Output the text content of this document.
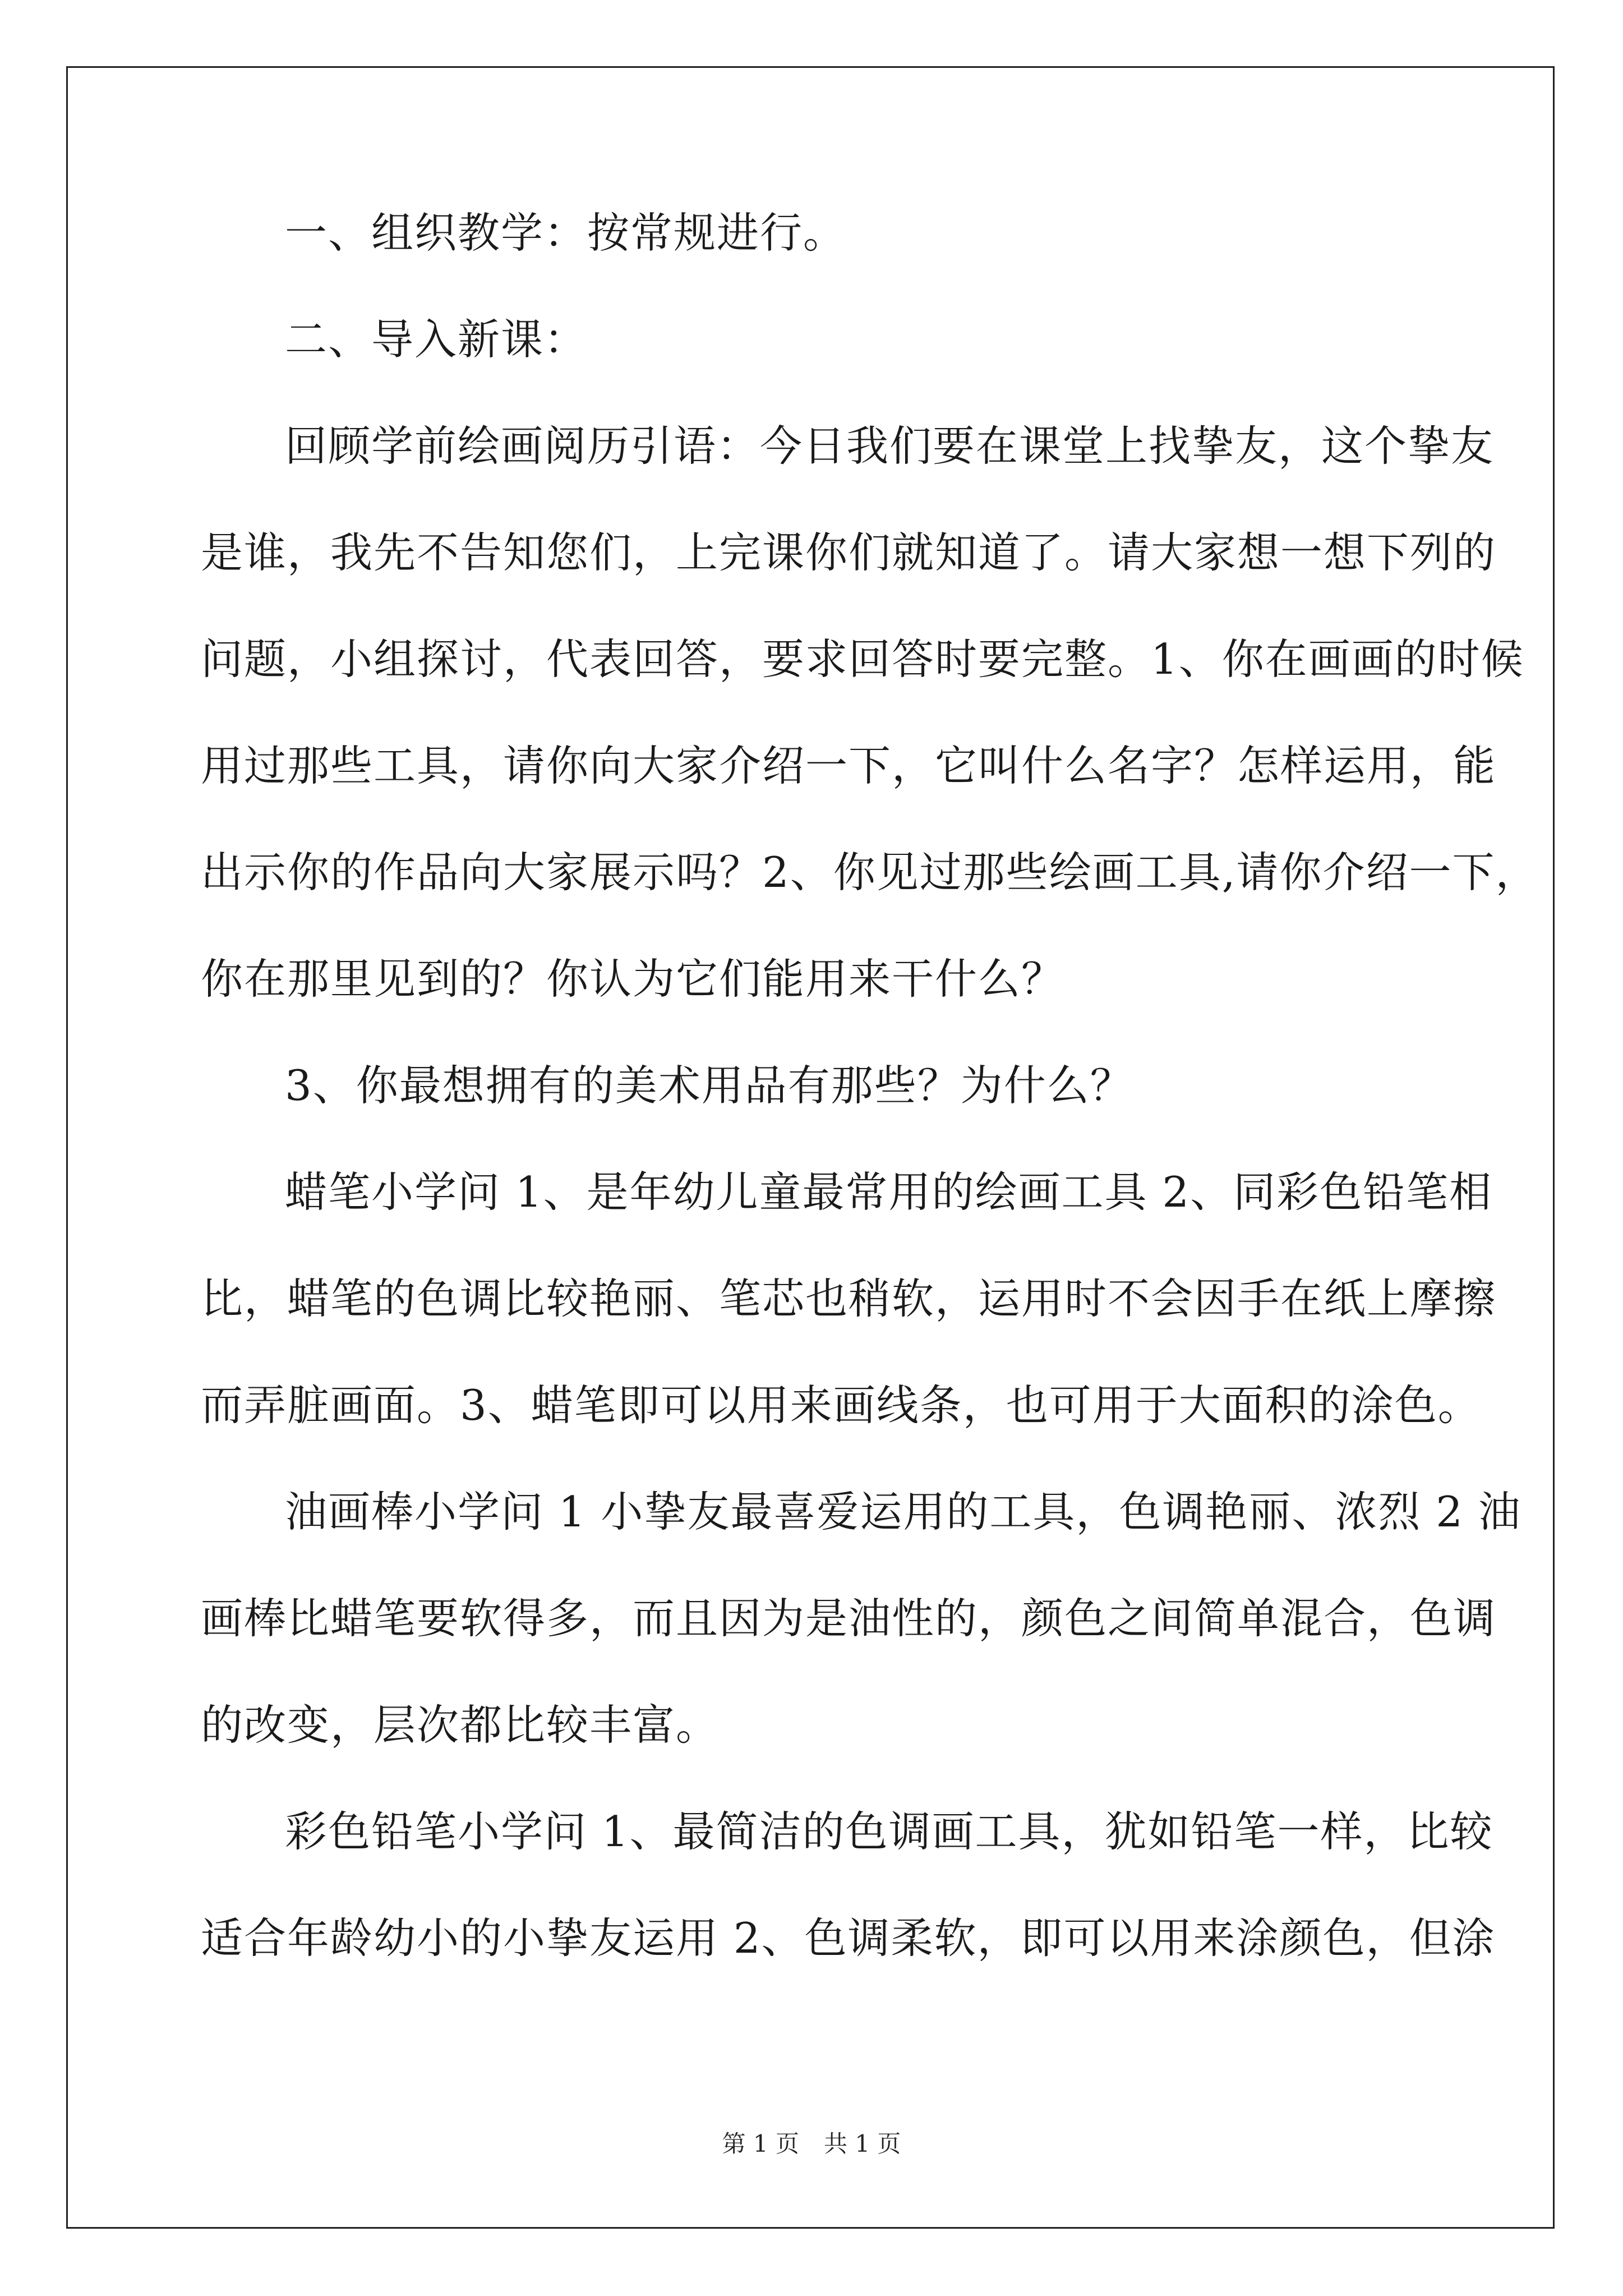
一、组织教学：按常规进行。
二、导入新课：
回顾学前绘画阅历引语：今日我们要在课堂上找挚友，这个挚友
是谁，我先不告知您们，上完课你们就知道了。请大家想一想下列的
问题，小组探讨，代表回答，要求回答时要完整。1、你在画画的时候
用过那些工具，请你向大家介绍一下，它叫什么名字？怎样运用，能
出示你的作品向大家展示吗？2、你见过那些绘画工具,请你介绍一下，
你在那里见到的？你认为它们能用来干什么？
3、你最想拥有的美术用品有那些？为什么？
蜡笔小学问 1、是年幼儿童最常用的绘画工具 2、同彩色铅笔相
比，蜡笔的色调比较艳丽、笔芯也稍软，运用时不会因手在纸上摩擦
而弄脏画面。3、蜡笔即可以用来画线条，也可用于大面积的涂色。
油画棒小学问 1 小挚友最喜爱运用的工具，色调艳丽、浓烈 2 油
画棒比蜡笔要软得多，而且因为是油性的，颜色之间简单混合，色调
的改变，层次都比较丰富。
彩色铅笔小学问 1、最简洁的色调画工具，犹如铅笔一样，比较
适合年龄幼小的小挚友运用 2、色调柔软，即可以用来涂颜色，但涂
第 1 页 共 1 页
